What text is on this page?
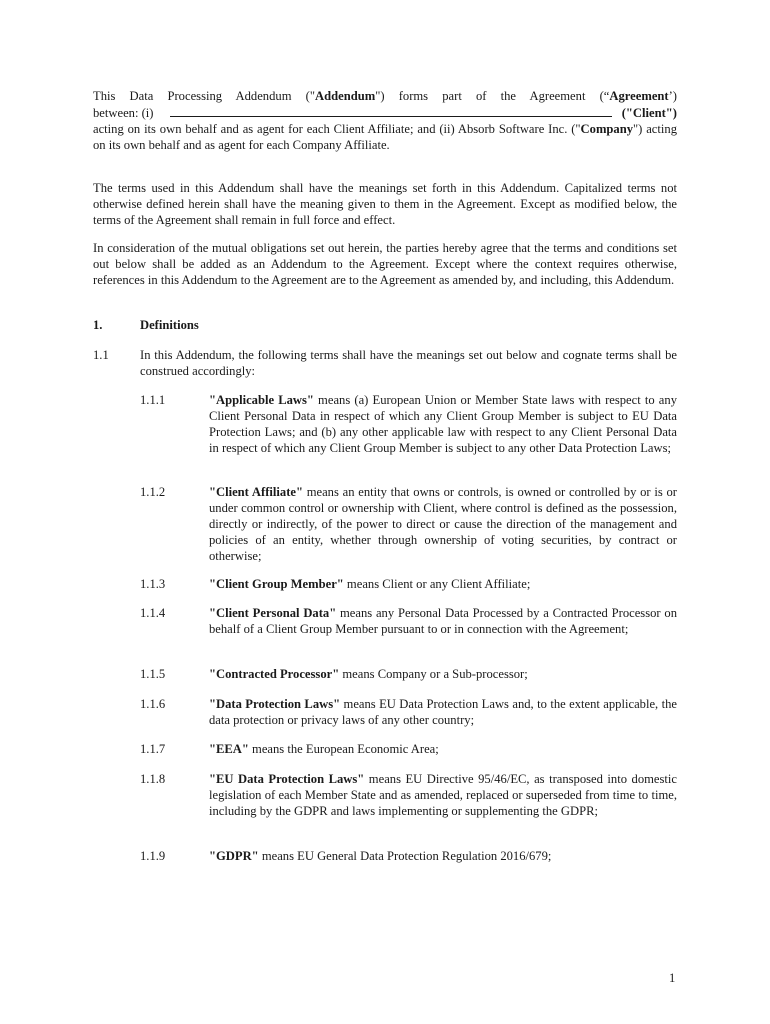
This Data Processing Addendum ("Addendum") forms part of the Agreement (“Agreement’)
between: (i)	("Client")
acting on its own behalf and as agent for each Client Affiliate; and (ii) Absorb Software Inc. ("Company") acting on its own behalf and as agent for each Company Affiliate.
The terms used in this Addendum shall have the meanings set forth in this Addendum. Capitalized terms not otherwise defined herein shall have the meaning given to them in the Agreement. Except as modified below, the terms of the Agreement shall remain in full force and effect.
In consideration of the mutual obligations set out herein, the parties hereby agree that the terms and conditions set out below shall be added as an Addendum to the Agreement. Except where the context requires otherwise, references in this Addendum to the Agreement are to the Agreement as amended by, and including, this Addendum.
1.	Definitions
1.1 In this Addendum, the following terms shall have the meanings set out below and cognate terms shall be construed accordingly:
1.1.1	"Applicable Laws" means (a) European Union or Member State laws with respect to any Client Personal Data in respect of which any Client Group Member is subject to EU Data Protection Laws; and (b) any other applicable law with respect to any Client Personal Data in respect of which any Client Group Member is subject to any other Data Protection Laws;
1.1.2	"Client Affiliate" means an entity that owns or controls, is owned or controlled by or is or under common control or ownership with Client, where control is defined as the possession, directly or indirectly, of the power to direct or cause the direction of the management and policies of an entity, whether through ownership of voting securities, by contract or otherwise;
1.1.3	"Client Group Member" means Client or any Client Affiliate;
1.1.4	"Client Personal Data" means any Personal Data Processed by a Contracted Processor on behalf of a Client Group Member pursuant to or in connection with the Agreement;
1.1.5	"Contracted Processor" means Company or a Sub-processor;
1.1.6	"Data Protection Laws" means EU Data Protection Laws and, to the extent applicable, the data protection or privacy laws of any other country;
1.1.7	"EEA" means the European Economic Area;
1.1.8	"EU Data Protection Laws" means EU Directive 95/46/EC, as transposed into domestic legislation of each Member State and as amended, replaced or superseded from time to time, including by the GDPR and laws implementing or supplementing the GDPR;
1.1.9	"GDPR" means EU General Data Protection Regulation 2016/679;
1
